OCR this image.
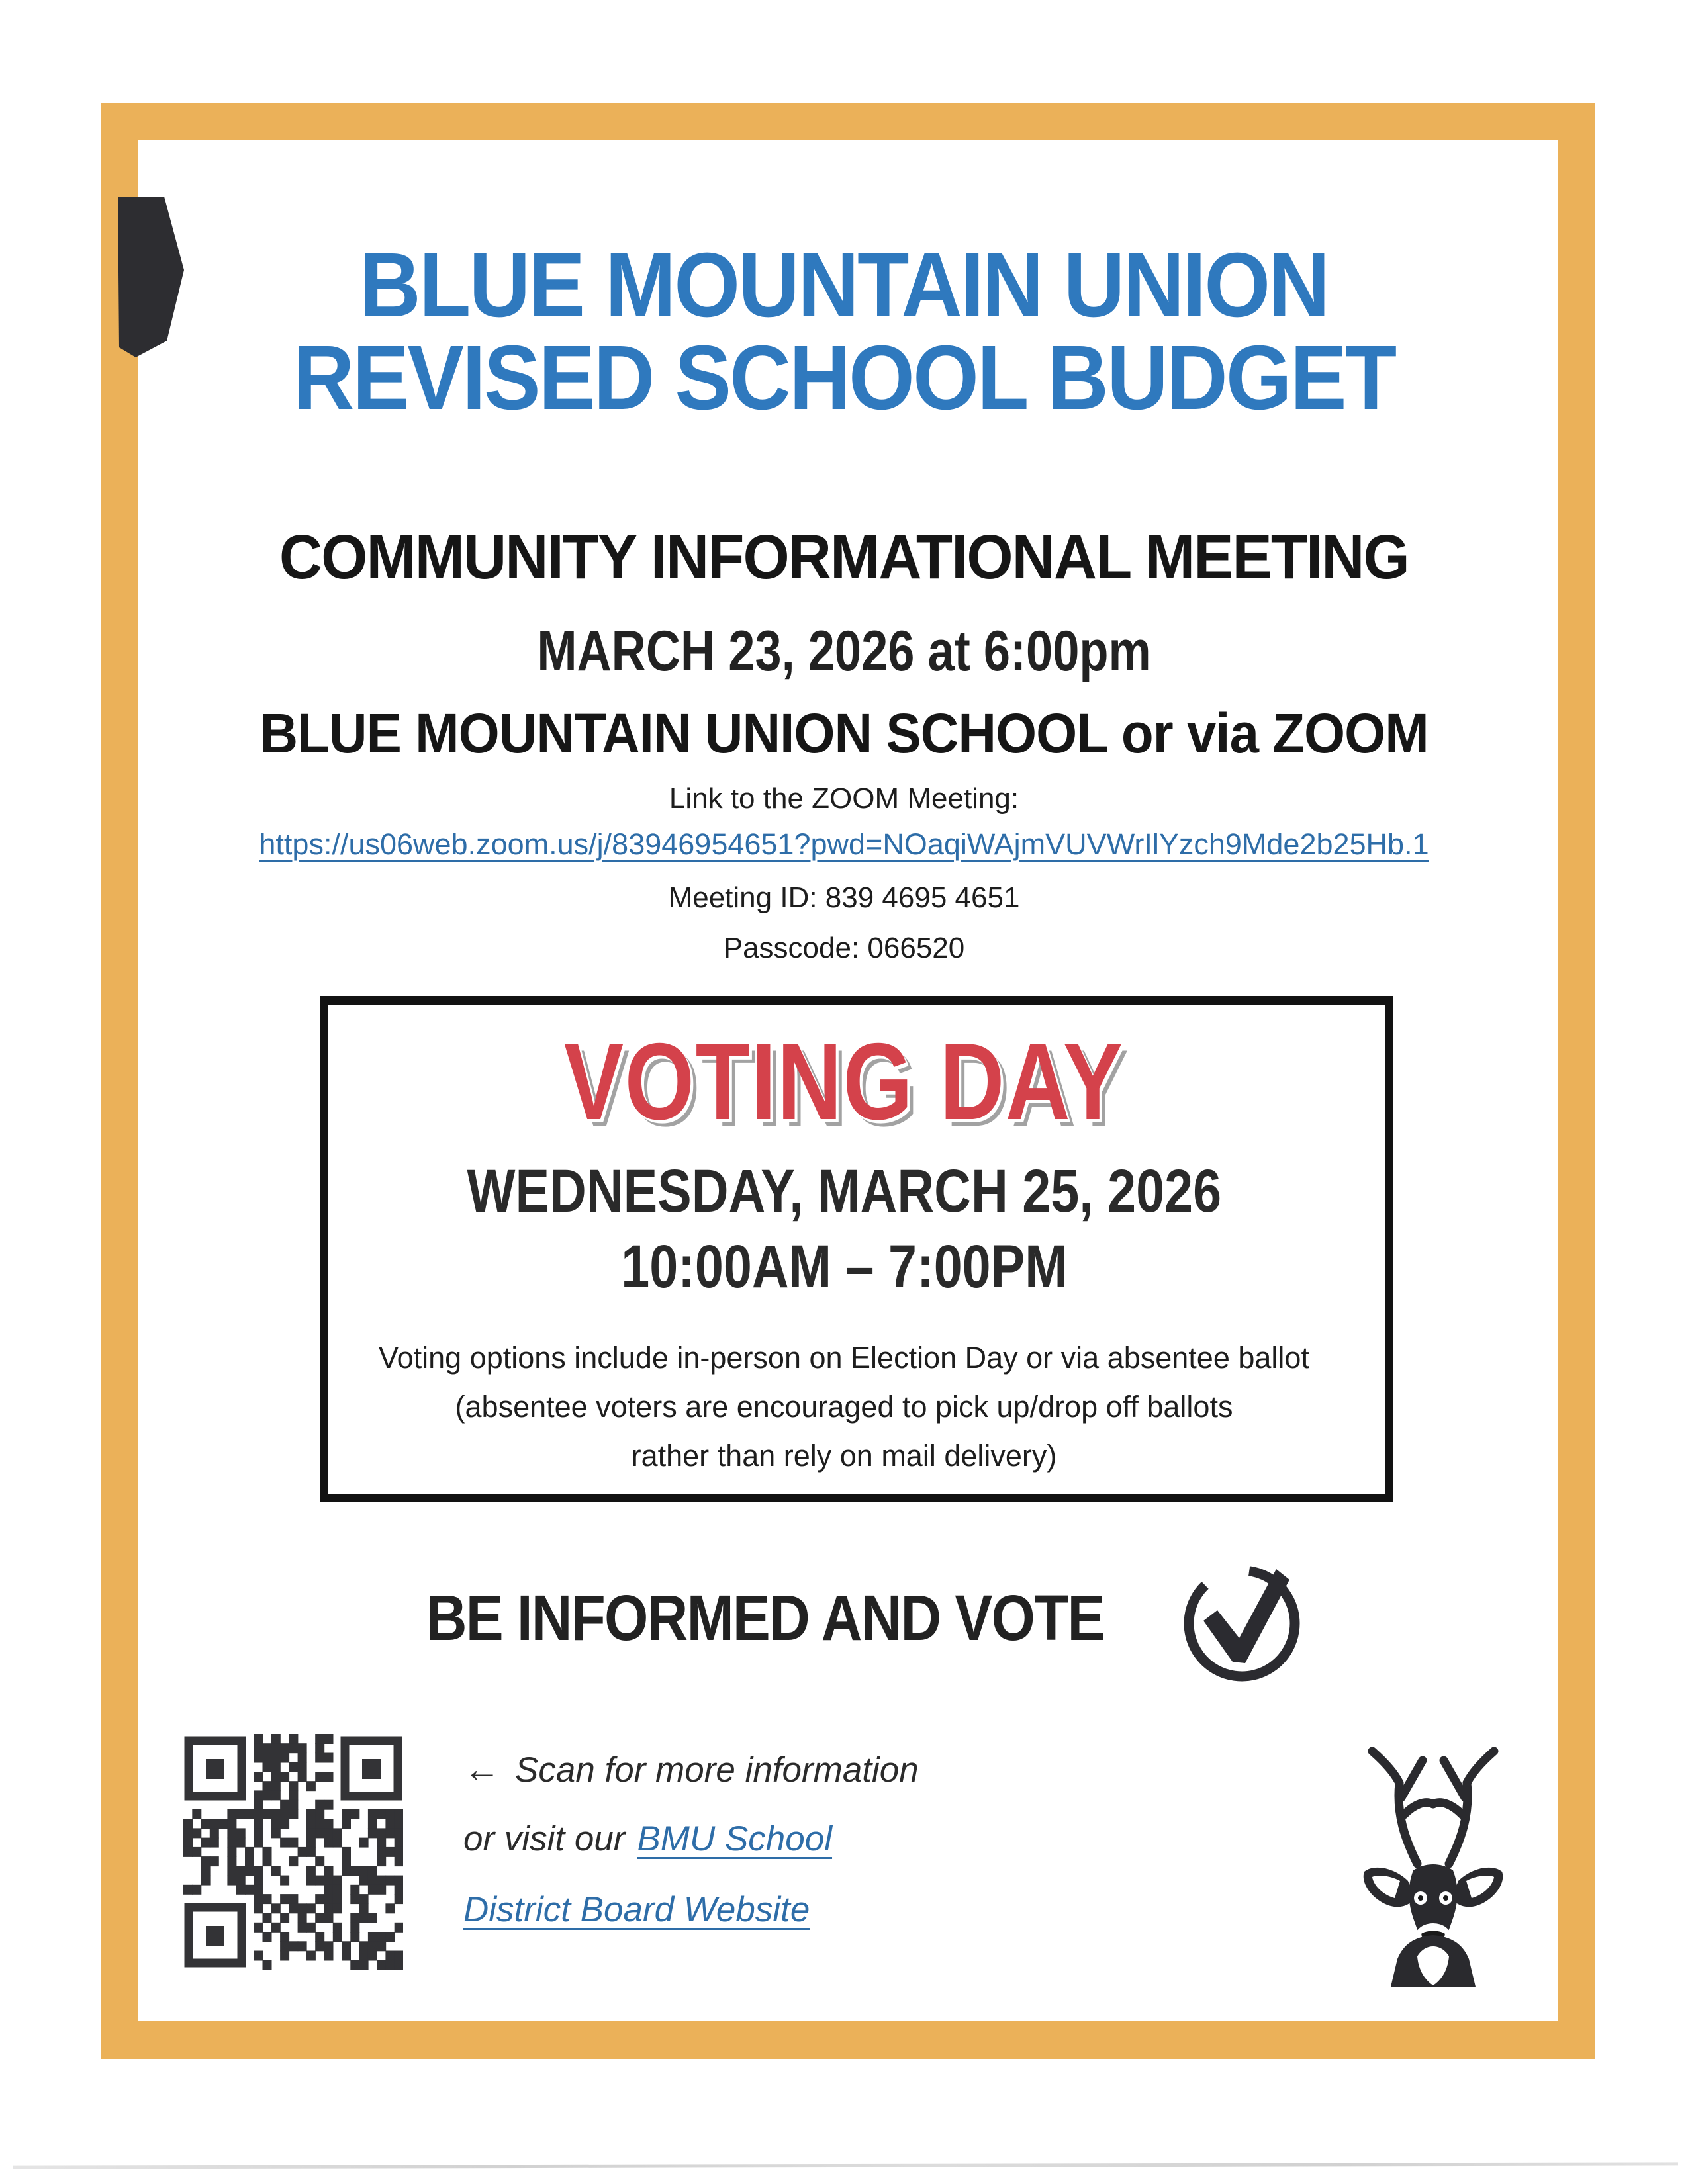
BLUE MOUNTAIN UNION
REVISED SCHOOL BUDGET
COMMUNITY INFORMATIONAL MEETING
MARCH 23, 2026 at 6:00pm
BLUE MOUNTAIN UNION SCHOOL or via ZOOM
Link to the ZOOM Meeting:
https://us06web.zoom.us/j/83946954651?pwd=NOaqiWAjmVUVWrIlYzch9Mde2b25Hb.1
Meeting ID: 839 4695 4651
Passcode: 066520
VOTING DAY
WEDNESDAY, MARCH 25, 2026
10:00AM – 7:00PM
Voting options include in-person on Election Day or via absentee ballot
(absentee voters are encouraged to pick up/drop off ballots
rather than rely on mail delivery)
BE INFORMED AND VOTE
← Scan for more information
or visit our BMU School
District Board Website
